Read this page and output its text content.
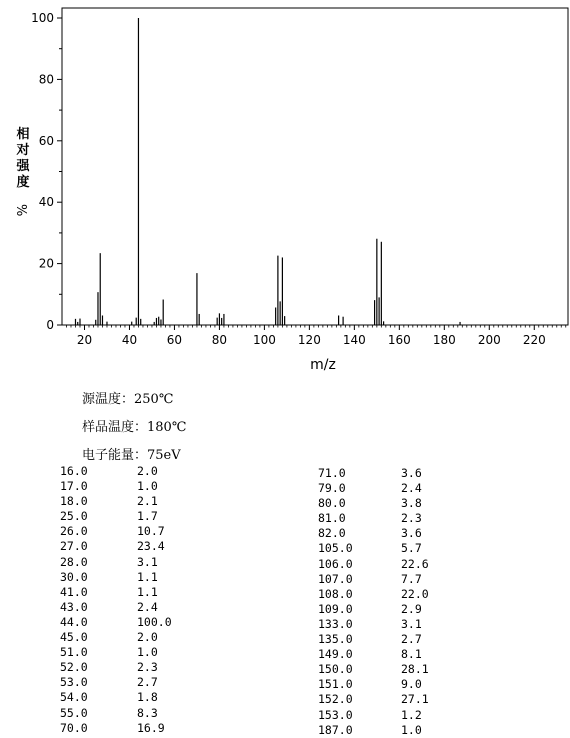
0
20
40
60
80
100
20 40 60 80 100 120 140 160 180 200 220
m/z
相对强度%
源温度：250℃
样品温度：180℃
电子能量：75eV
16.0	2.0
17.0	1.0
18.0	2.1
25.0	1.7
26.0	10.7
27.0	23.4
28.0	3.1
30.0	1.1
41.0	1.1
43.0	2.4
44.0	100.0
45.0	2.0
51.0	1.0
52.0	2.3
53.0	2.7
54.0	1.8
55.0	8.3
70.0	16.9
71.0	3.6
79.0	2.4
80.0	3.8
81.0	2.3
82.0	3.6
105.0	5.7
106.0	22.6
107.0	7.7
108.0	22.0
109.0	2.9
133.0	3.1
135.0	2.7
149.0	8.1
150.0	28.1
151.0	9.0
152.0	27.1
153.0	1.2
187.0	1.0
